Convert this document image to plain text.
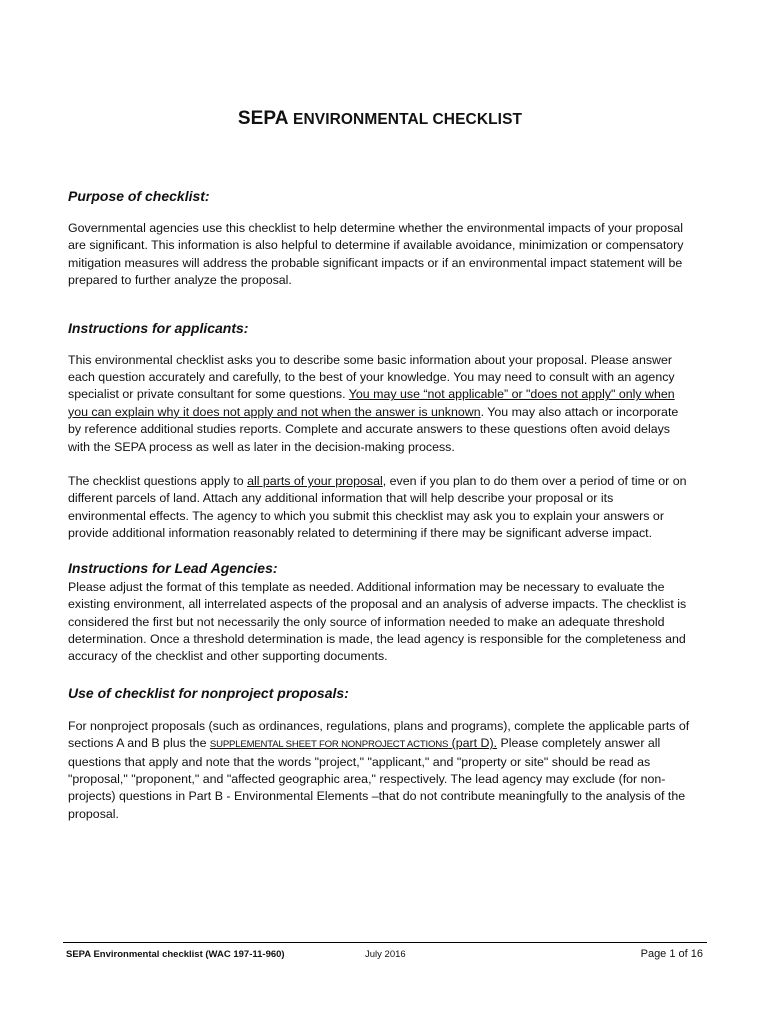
SEPA ENVIRONMENTAL CHECKLIST
Purpose of checklist:

Governmental agencies use this checklist to help determine whether the environmental impacts of your proposal are significant. This information is also helpful to determine if available avoidance, minimization or compensatory mitigation measures will address the probable significant impacts or if an environmental impact statement will be prepared to further analyze the proposal.

Instructions for applicants:

This environmental checklist asks you to describe some basic information about your proposal. Please answer each question accurately and carefully, to the best of your knowledge. You may need to consult with an agency specialist or private consultant for some questions. You may use “not applicable” or "does not apply" only when you can explain why it does not apply and not when the answer is unknown. You may also attach or incorporate by reference additional studies reports. Complete and accurate answers to these questions often avoid delays with the SEPA process as well as later in the decision-making process.

The checklist questions apply to all parts of your proposal, even if you plan to do them over a period of time or on different parcels of land. Attach any additional information that will help describe your proposal or its environmental effects. The agency to which you submit this checklist may ask you to explain your answers or provide additional information reasonably related to determining if there may be significant adverse impact.

Instructions for Lead Agencies:

Please adjust the format of this template as needed. Additional information may be necessary to evaluate the existing environment, all interrelated aspects of the proposal and an analysis of adverse impacts. The checklist is considered the first but not necessarily the only source of information needed to make an adequate threshold determination. Once a threshold determination is made, the lead agency is responsible for the completeness and accuracy of the checklist and other supporting documents.

Use of checklist for nonproject proposals:

For nonproject proposals (such as ordinances, regulations, plans and programs), complete the applicable parts of sections A and B plus the SUPPLEMENTAL SHEET FOR NONPROJECT ACTIONS (part D). Please completely answer all questions that apply and note that the words "project," "applicant," and "property or site" should be read as "proposal," "proponent," and "affected geographic area," respectively. The lead agency may exclude (for non-projects) questions in Part B - Environmental Elements –that do not contribute meaningfully to the analysis of the proposal.

SEPA Environmental checklist (WAC 197-11-960)	July 2016	Page 1 of 16
